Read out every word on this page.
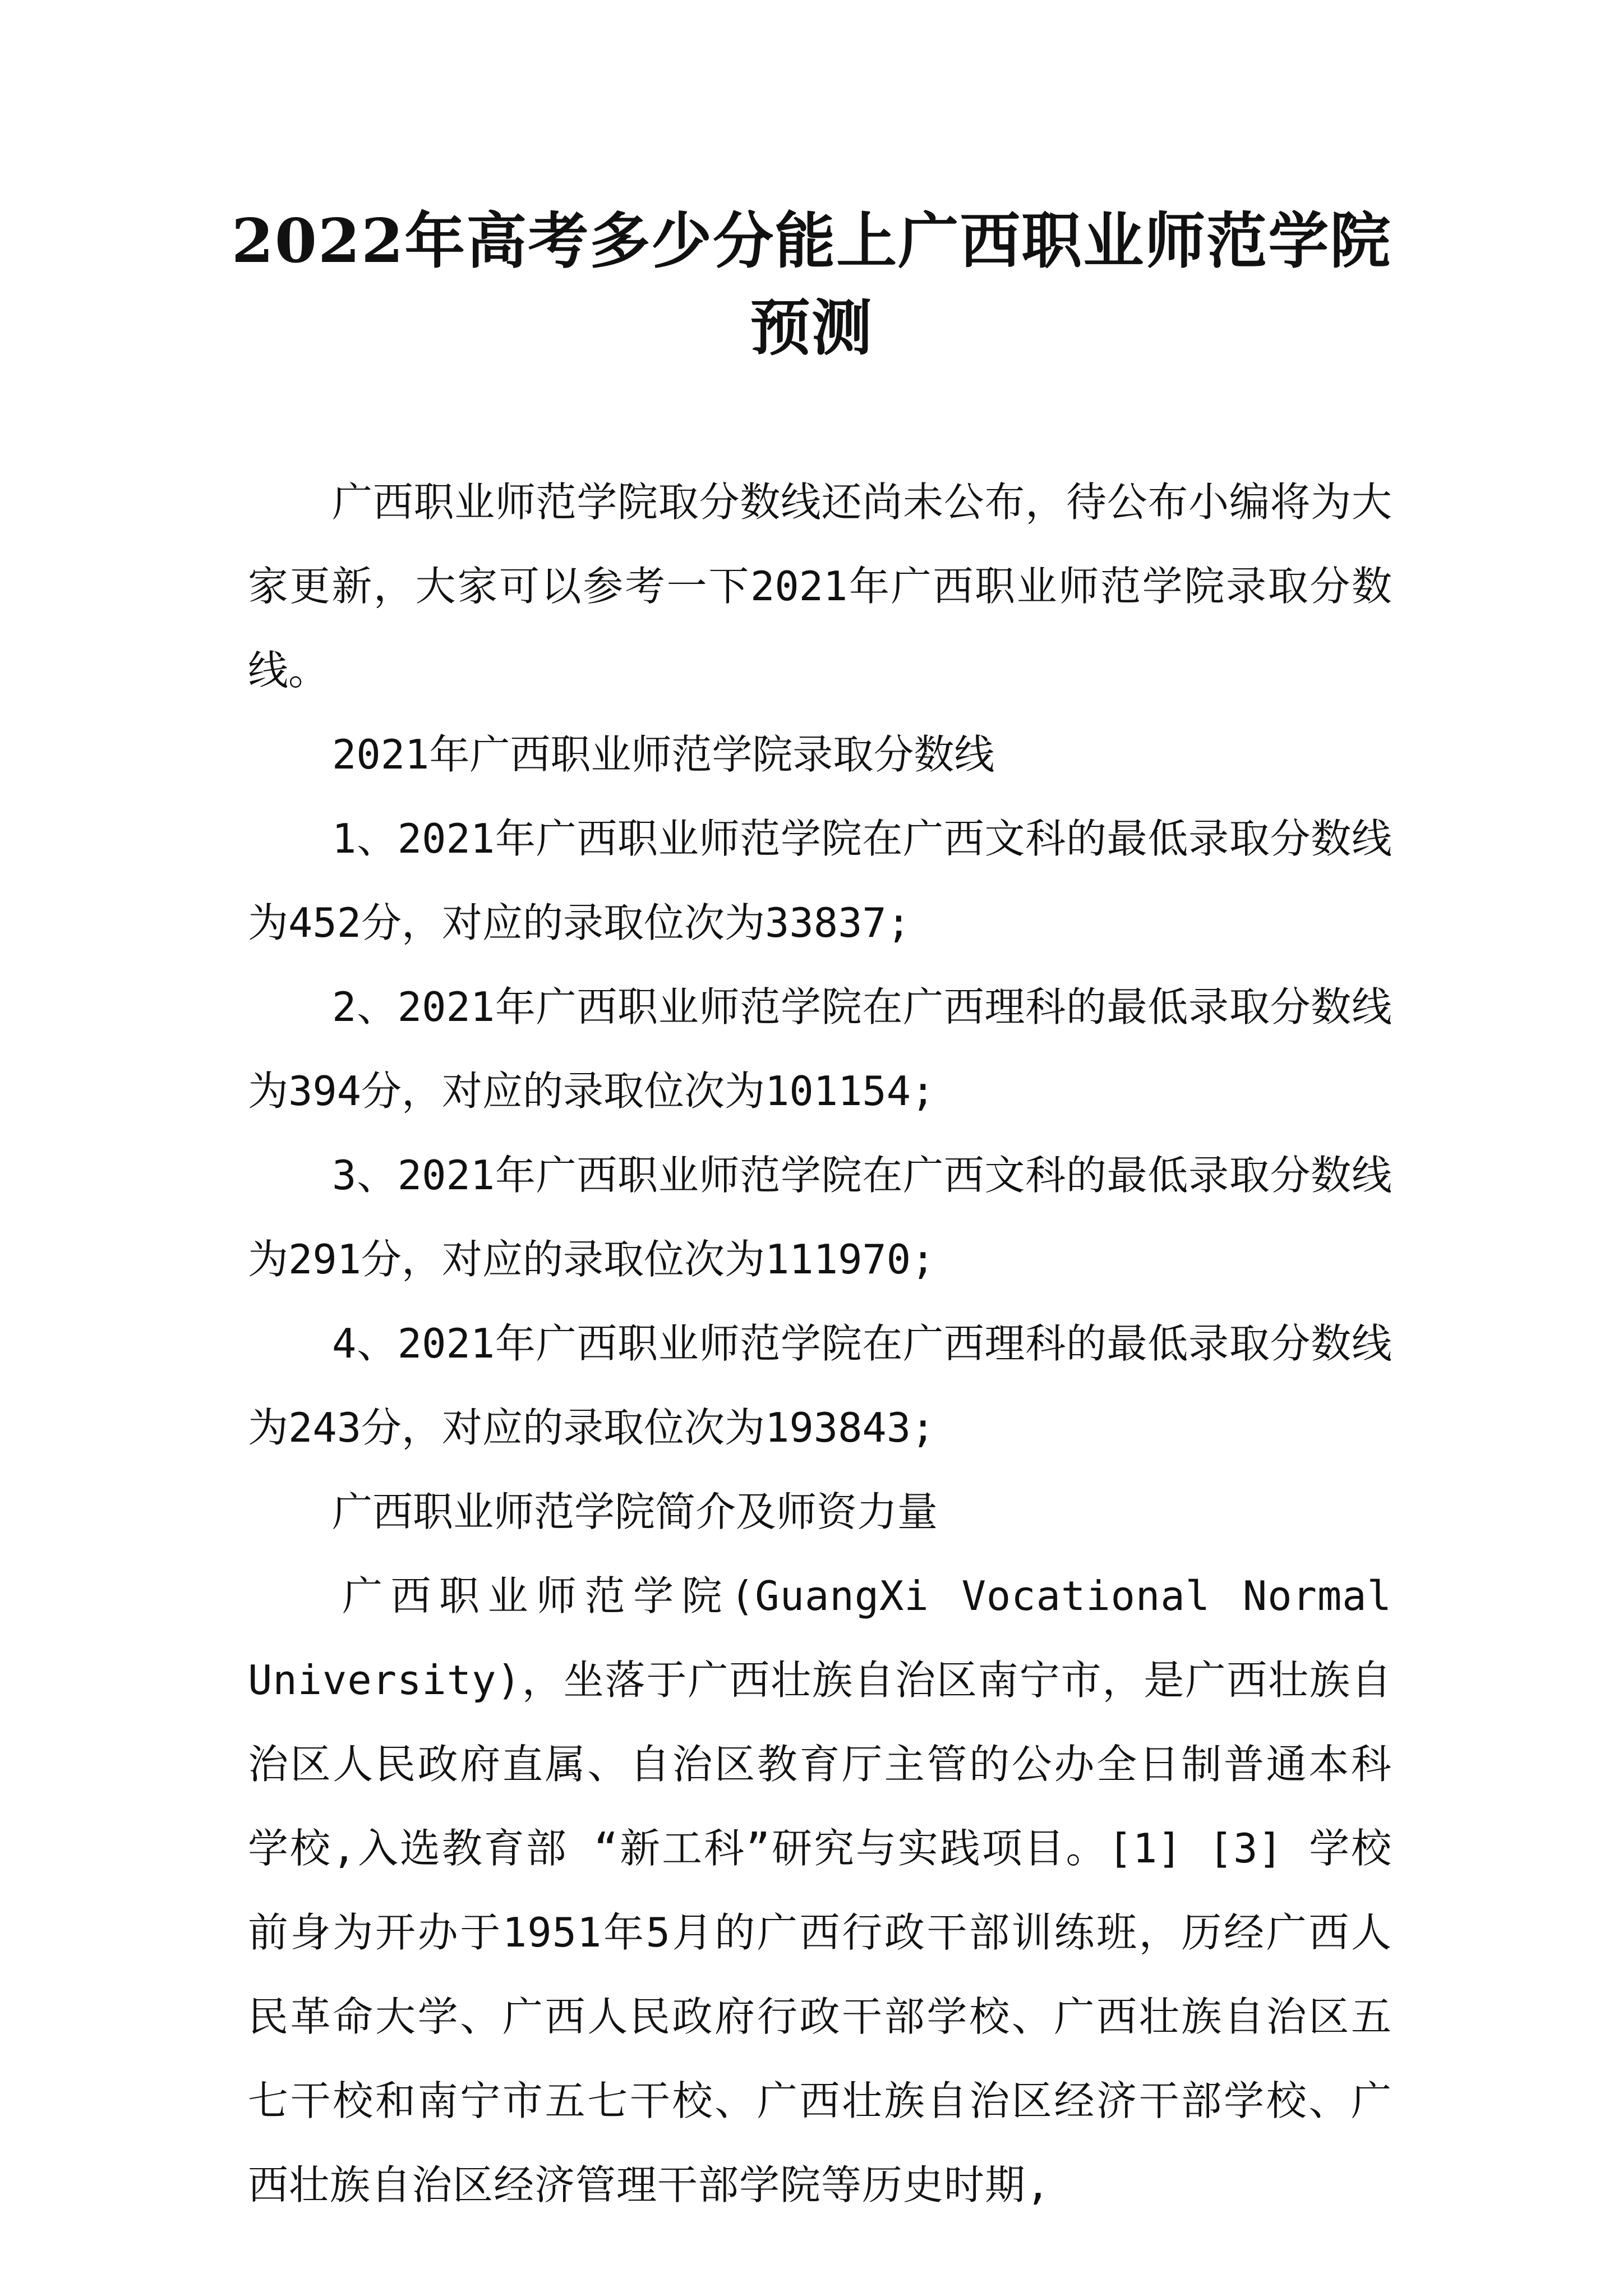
2022年高考多少分能上广西职业师范学院
预测

广西职业师范学院取分数线还尚未公布，待公布小编将为大家更新，大家可以参考一下2021年广西职业师范学院录取分数线。

2021年广西职业师范学院录取分数线

1、2021年广西职业师范学院在广西文科的最低录取分数线为452分，对应的录取位次为33837;

2、2021年广西职业师范学院在广西理科的最低录取分数线为394分，对应的录取位次为101154;

3、2021年广西职业师范学院在广西文科的最低录取分数线为291分，对应的录取位次为111970;

4、2021年广西职业师范学院在广西理科的最低录取分数线为243分，对应的录取位次为193843;

广西职业师范学院简介及师资力量

广西职业师范学院(GuangXi Vocational Normal University)，坐落于广西壮族自治区南宁市，是广西壮族自治区人民政府直属、自治区教育厅主管的公办全日制普通本科学校,入选教育部 “新工科”研究与实践项目。[1] [3] 学校前身为开办于1951年5月的广西行政干部训练班，历经广西人民革命大学、广西人民政府行政干部学校、广西壮族自治区五七干校和南宁市五七干校、广西壮族自治区经济干部学校、广西壮族自治区经济管理干部学院等历史时期,
